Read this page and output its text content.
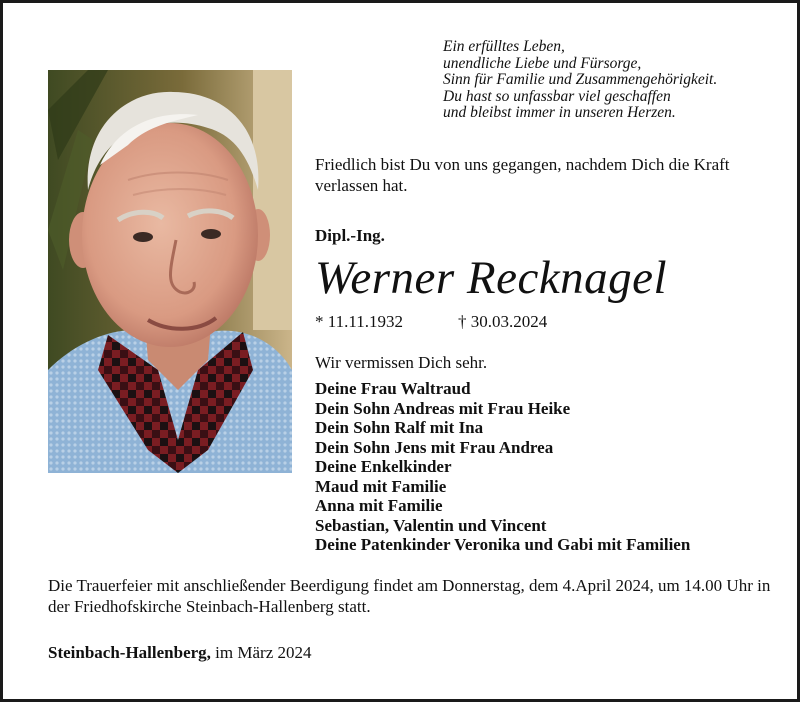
Ein erfülltes Leben,
unendliche Liebe und Fürsorge,
Sinn für Familie und Zusammengehörigkeit.
Du hast so unfassbar viel geschaffen
und bleibst immer in unseren Herzen.
Friedlich bist Du von uns gegangen, nachdem Dich die Kraft verlassen hat.
Dipl.-Ing.
Werner Recknagel
* 11.11.1932	† 30.03.2024
Wir vermissen Dich sehr.
Deine Frau Waltraud
Dein Sohn Andreas mit Frau Heike
Dein Sohn Ralf mit Ina
Dein Sohn Jens mit Frau Andrea
Deine Enkelkinder
Maud mit Familie
Anna mit Familie
Sebastian, Valentin und Vincent
Deine Patenkinder Veronika und Gabi mit Familien
Die Trauerfeier mit anschließender Beerdigung findet am Donnerstag, dem 4.April 2024, um 14.00 Uhr in der Friedhofskirche Steinbach-Hallenberg statt.
Steinbach-Hallenberg, im März 2024
